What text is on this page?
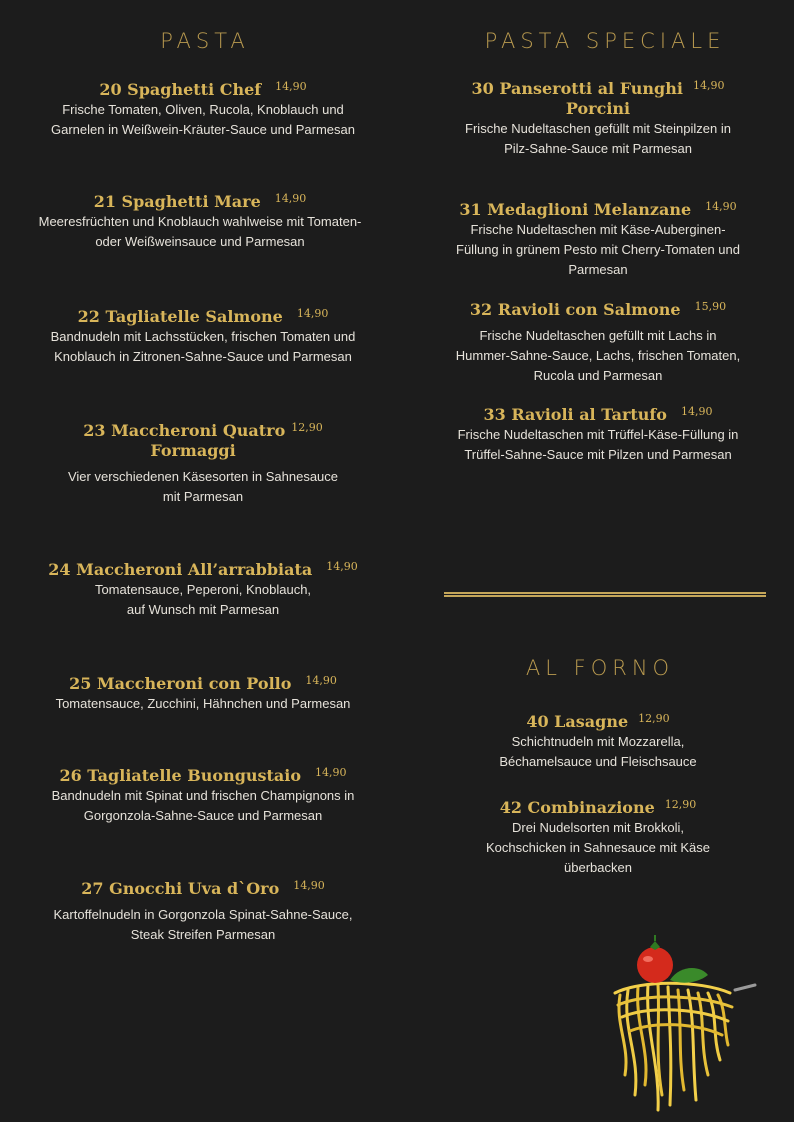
PASTA	PASTA SPECIALE
AL FORNO
20 Spaghetti Chef $^{14,90}$
Frische Tomaten, Oliven, Rucola, Knoblauch und
Garnelen in Weißwein-Kräuter-Sauce und Parmesan
21 Spaghetti Mare $^{14,90}$
Meeresfrüchten und Knoblauch wahlweise mit Tomaten-
oder Weißweinsauce und Parmesan
22 Tagliatelle Salmone $^{14,90}$
Bandnudeln mit Lachsstücken, frischen Tomaten und
Knoblauch in Zitronen-Sahne-Sauce und Parmesan
23 Maccheroni Quatro $^{12,90}$
Formaggi
Vier verschiedenen Käsesorten in Sahnesauce
mit Parmesan
24 Maccheroni All’arrabbiata $^{14,90}$
Tomatensauce, Peperoni, Knoblauch,
auf Wunsch mit Parmesan
25 Maccheroni con Pollo $^{14,90}$
Tomatensauce, Zucchini, Hähnchen und Parmesan
26 Tagliatelle Buongustaio $^{14,90}$
Bandnudeln mit Spinat und frischen Champignons in
Gorgonzola-Sahne-Sauce und Parmesan
27 Gnocchi Uva d`Oro $^{14,90}$
Kartoffelnudeln in Gorgonzola Spinat-Sahne-Sauce,
Steak Streifen Parmesan
30 Panserotti al Funghi $^{14,90}$
Porcini
Frische Nudeltaschen gefüllt mit Steinpilzen in
Pilz-Sahne-Sauce mit Parmesan
31 Medaglioni Melanzane $^{14,90}$
Frische Nudeltaschen mit Käse-Auberginen-
Füllung in grünem Pesto mit Cherry-Tomaten und
Parmesan
32 Ravioli con Salmone $^{15,90}$
Frische Nudeltaschen gefüllt mit Lachs in
Hummer-Sahne-Sauce, Lachs, frischen Tomaten,
Rucola und Parmesan
33 Ravioli al Tartufo $^{14,90}$
Frische Nudeltaschen mit Trüffel-Käse-Füllung in
Trüffel-Sahne-Sauce mit Pilzen und Parmesan
40 Lasagne $^{12,90}$
Schichtnudeln mit Mozzarella,
Béchamelsauce und Fleischsauce
42 Combinazione $^{12,90}$
Drei Nudelsorten mit Brokkoli,
Kochschicken in Sahnesauce mit Käse
überbacken
